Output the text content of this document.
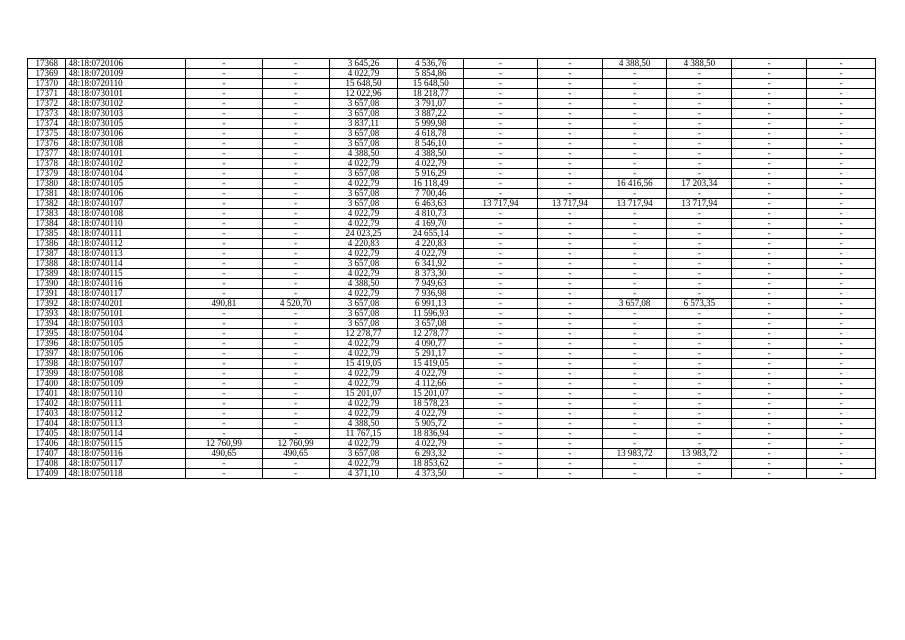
17368	48:18:0720106	-	-	3 645,26	4 536,76	-	-	4 388,50	4 388,50	-	-
17369	48:18:0720109	-	-	4 022,79	5 854,86	-	-	-	-	-	-
17370	48:18:0720110	-	-	15 648,50	15 648,50	-	-	-	-	-	-
17371	48:18:0730101	-	-	12 022,96	18 218,77	-	-	-	-	-	-
17372	48:18:0730102	-	-	3 657,08	3 791,07	-	-	-	-	-	-
17373	48:18:0730103	-	-	3 657,08	3 887,22	-	-	-	-	-	-
17374	48:18:0730105	-	-	3 837,11	5 999,98	-	-	-	-	-	-
17375	48:18:0730106	-	-	3 657,08	4 618,78	-	-	-	-	-	-
17376	48:18:0730108	-	-	3 657,08	8 546,10	-	-	-	-	-	-
17377	48:18:0740101	-	-	4 388,50	4 388,50	-	-	-	-	-	-
17378	48:18:0740102	-	-	4 022,79	4 022,79	-	-	-	-	-	-
17379	48:18:0740104	-	-	3 657,08	5 916,29	-	-	-	-	-	-
17380	48:18:0740105	-	-	4 022,79	16 118,49	-	-	16 416,56	17 203,34	-	-
17381	48:18:0740106	-	-	3 657,08	7 700,46	-	-	-	-	-	-
17382	48:18:0740107	-	-	3 657,08	6 463,63	13 717,94	13 717,94	13 717,94	13 717,94	-	-
17383	48:18:0740108	-	-	4 022,79	4 810,73	-	-	-	-	-	-
17384	48:18:0740110	-	-	4 022,79	4 169,70	-	-	-	-	-	-
17385	48:18:0740111	-	-	24 023,25	24 655,14	-	-	-	-	-	-
17386	48:18:0740112	-	-	4 220,83	4 220,83	-	-	-	-	-	-
17387	48:18:0740113	-	-	4 022,79	4 022,79	-	-	-	-	-	-
17388	48:18:0740114	-	-	3 657,08	6 341,92	-	-	-	-	-	-
17389	48:18:0740115	-	-	4 022,79	8 373,30	-	-	-	-	-	-
17390	48:18:0740116	-	-	4 388,50	7 949,63	-	-	-	-	-	-
17391	48:18:0740117	-	-	4 022,79	7 936,98	-	-	-	-	-	-
17392	48:18:0740201	490,81	4 520,70	3 657,08	6 991,13	-	-	3 657,08	6 573,35	-	-
17393	48:18:0750101	-	-	3 657,08	11 596,93	-	-	-	-	-	-
17394	48:18:0750103	-	-	3 657,08	3 657,08	-	-	-	-	-	-
17395	48:18:0750104	-	-	12 278,77	12 278,77	-	-	-	-	-	-
17396	48:18:0750105	-	-	4 022,79	4 090,77	-	-	-	-	-	-
17397	48:18:0750106	-	-	4 022,79	5 291,17	-	-	-	-	-	-
17398	48:18:0750107	-	-	15 419,05	15 419,05	-	-	-	-	-	-
17399	48:18:0750108	-	-	4 022,79	4 022,79	-	-	-	-	-	-
17400	48:18:0750109	-	-	4 022,79	4 112,66	-	-	-	-	-	-
17401	48:18:0750110	-	-	15 201,07	15 201,07	-	-	-	-	-	-
17402	48:18:0750111	-	-	4 022,79	18 578,23	-	-	-	-	-	-
17403	48:18:0750112	-	-	4 022,79	4 022,79	-	-	-	-	-	-
17404	48:18:0750113	-	-	4 388,50	5 905,72	-	-	-	-	-	-
17405	48:18:0750114	-	-	11 767,15	18 836,94	-	-	-	-	-	-
17406	48:18:0750115	12 760,99	12 760,99	4 022,79	4 022,79	-	-	-	-	-	-
17407	48:18:0750116	490,65	490,65	3 657,08	6 293,32	-	-	13 983,72	13 983,72	-	-
17408	48:18:0750117	-	-	4 022,79	18 853,62	-	-	-	-	-	-
17409	48:18:0750118	-	-	4 371,10	4 373,50	-	-	-	-	-	-
